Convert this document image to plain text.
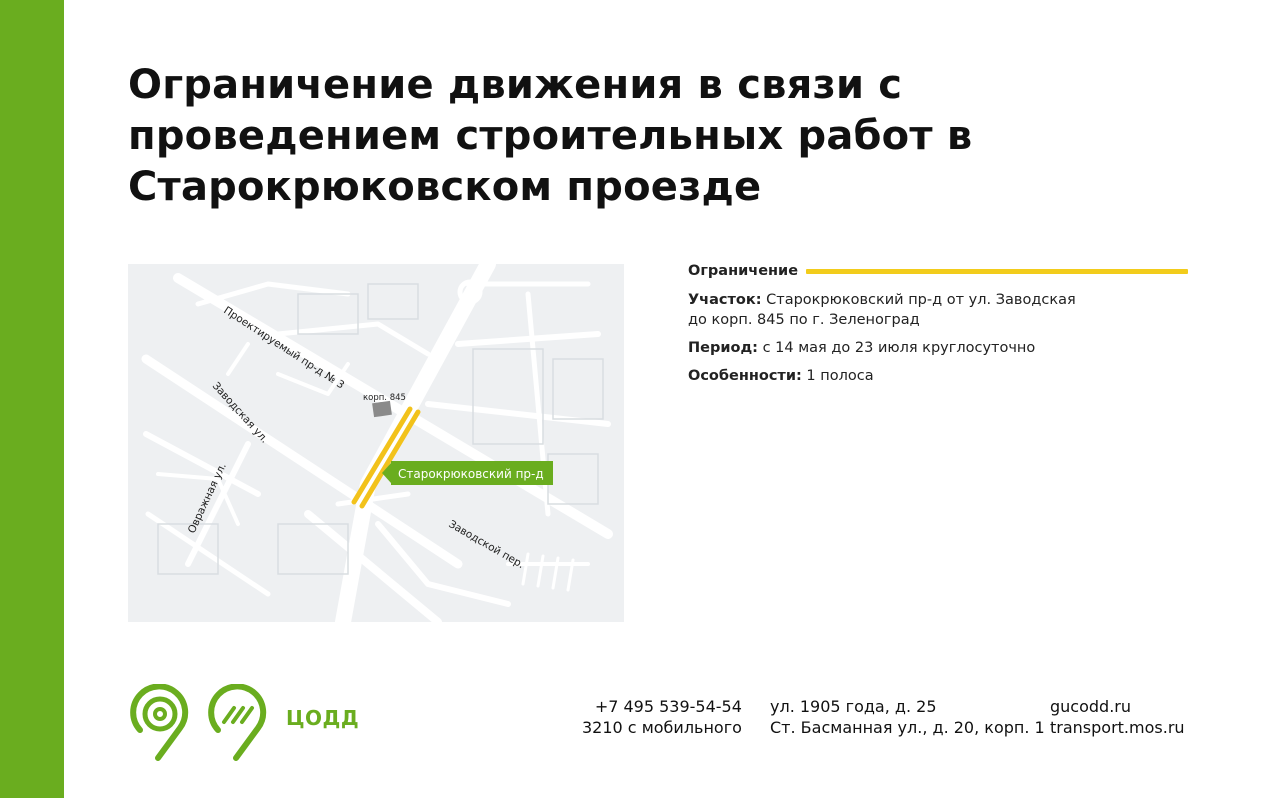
Ограничение движения в связи с проведением строительных работ в Старокрюковском проезде
корп. 845
Проектируемый пр-д № 3
Заводская ул.
Овражная ул.
Заводской пер.
Старокрюковский пр-д
Ограничение
Участок: Старокрюковский пр-д от ул. Заводская
до корп. 845 по г. Зеленоград
Период: с 14 мая до 23 июля круглосуточно
Особенности: 1 полоса
ЦОДД	+7 495 539-54-54
3210 с мобильного
ул. 1905 года, д. 25
Ст. Басманная ул., д. 20, корп. 1
gucodd.ru
transport.mos.ru
